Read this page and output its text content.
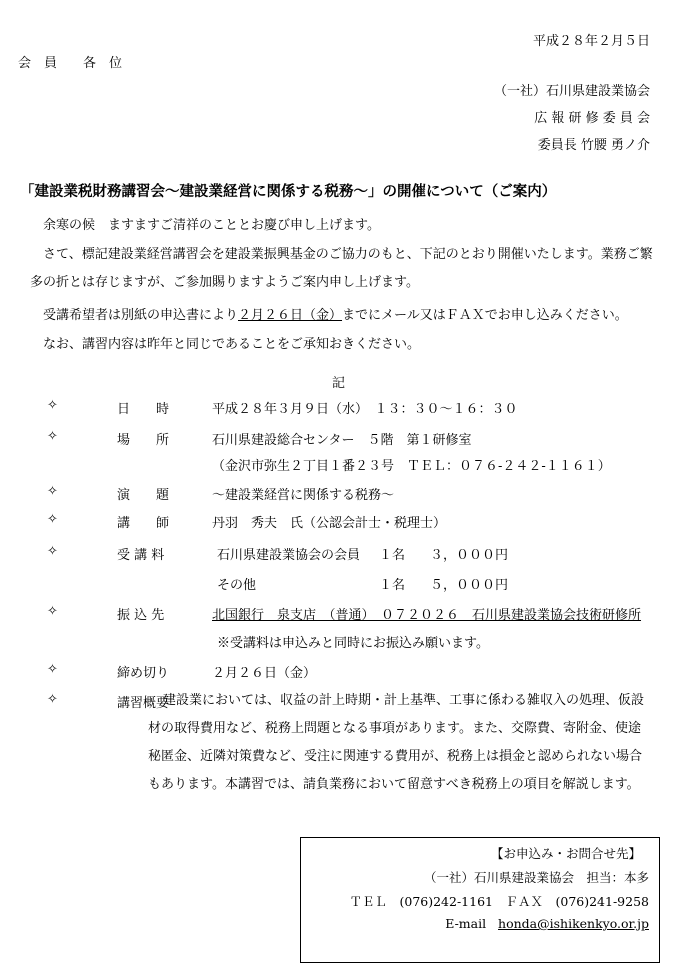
平成２８年２月５日
会　員　　各　位
（一社）石川県建設業協会
広 報 研 修 委 員 会
委員長 竹腰 勇ノ介
「建設業税財務講習会～建設業経営に関係する税務～」の開催について（ご案内）
余寒の候　ますますご清祥のこととお慶び申し上げます。
さて、標記建設業経営講習会を建設業振興基金のご協力のもと、下記のとおり開催いたします。業務ご繁多の折とは存じますが、ご参加賜りますようご案内申し上げます。
受講希望者は別紙の申込書により２月２６日（金）までにメール又はＦＡＸでお申し込みください。
なお、講習内容は昨年と同じであることをご承知おきください。
記
✧	日　　時	平成２８年３月９日（水）　１３：３０～１６：３０
✧	場　　所	石川県建設総合センター　５階　第１研修室
（金沢市弥生２丁目１番２３号　ＴＥＬ：０７６-２４２-１１６１）
✧	演　　題	～建設業経営に関係する税務～
✧	講　　師	丹羽　秀夫　氏（公認会計士・税理士）
✧	受 講 料	石川県建設業協会の会員 １名 ３，０００円
その他	１名 ５，０００円
✧	振 込 先	北国銀行　泉支店　（普通）　０７２０２６　石川県建設業協会技術研修所
※受講料は申込みと同時にお振込み願います。
✧	締め切り	２月２６日（金）
✧	講習概要
建設業においては、収益の計上時期・計上基準、工事に係わる雑収入の処理、仮設材の取得費用など、税務上問題となる事項があります。また、交際費、寄附金、使途秘匿金、近隣対策費など、受注に関連する費用が、税務上は損金と認められない場合もあります。本講習では、請負業務において留意すべき税務上の項目を解説します。
【お申込み・お問合せ先】
（一社）石川県建設業協会　担当：本多
ＴＥＬ　(076)242-1161　ＦＡＸ　(076)241-9258
E-mail honda@ishikenkyo.or.jp
